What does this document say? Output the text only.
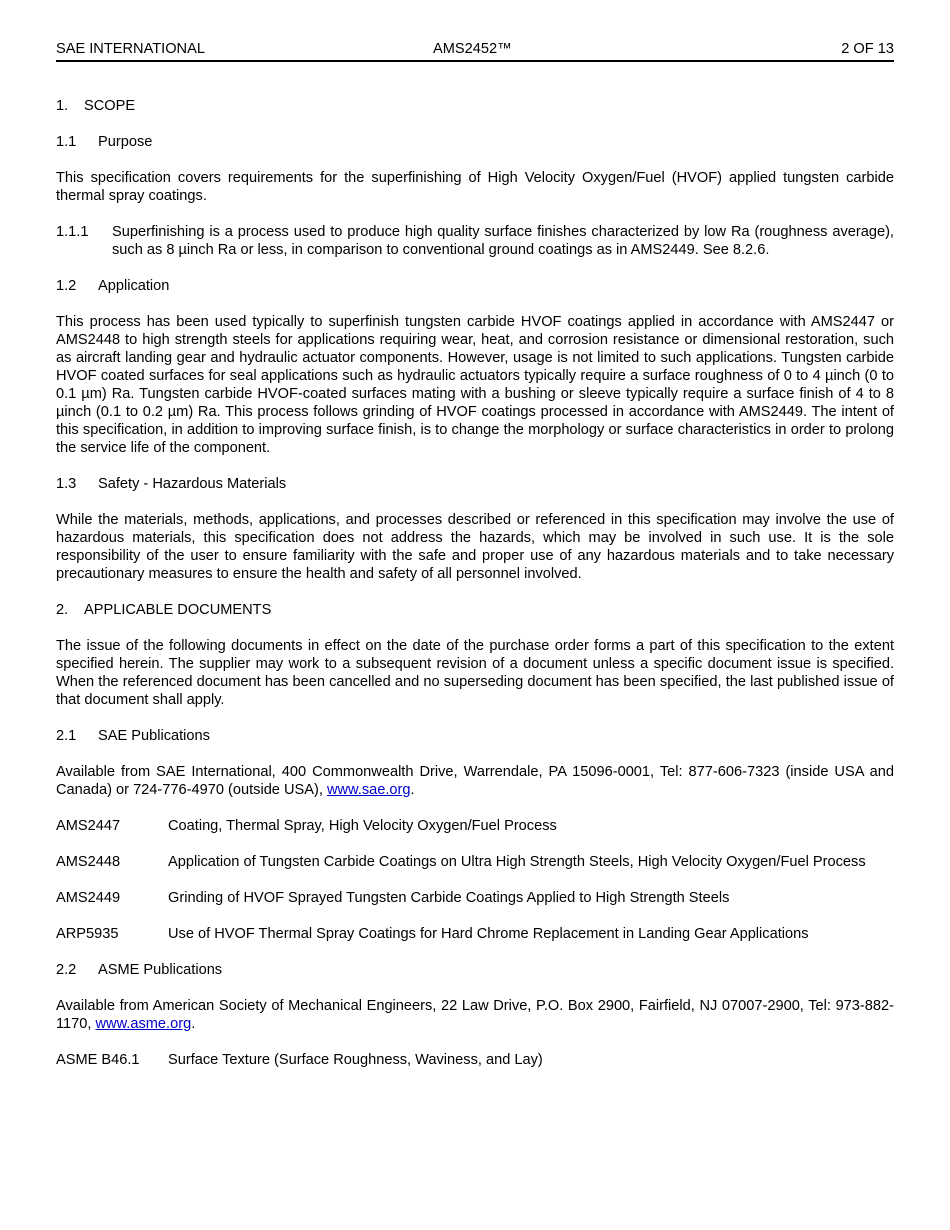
SAE INTERNATIONAL	AMS2452™	2 OF 13
1. SCOPE
1.1 Purpose

This specification covers requirements for the superfinishing of High Velocity Oxygen/Fuel (HVOF) applied tungsten carbide thermal spray coatings.

1.1.1	Superfinishing is a process used to produce high quality surface finishes characterized by low Ra (roughness average), such as 8 µinch Ra or less, in comparison to conventional ground coatings as in AMS2449. See 8.2.6.
1.2 Application

This process has been used typically to superfinish tungsten carbide HVOF coatings applied in accordance with AMS2447 or AMS2448 to high strength steels for applications requiring wear, heat, and corrosion resistance or dimensional restoration, such as aircraft landing gear and hydraulic actuator components. However, usage is not limited to such applications. Tungsten carbide HVOF coated surfaces for seal applications such as hydraulic actuators typically require a surface roughness of 0 to 4 µinch (0 to 0.1 µm) Ra. Tungsten carbide HVOF-coated surfaces mating with a bushing or sleeve typically require a surface finish of 4 to 8 µinch (0.1 to 0.2 µm) Ra. This process follows grinding of HVOF coatings processed in accordance with AMS2449. The intent of this specification, in addition to improving surface finish, is to change the morphology or surface characteristics in order to prolong the service life of the component.

1.3 Safety - Hazardous Materials

While the materials, methods, applications, and processes described or referenced in this specification may involve the use of hazardous materials, this specification does not address the hazards, which may be involved in such use. It is the sole responsibility of the user to ensure familiarity with the safe and proper use of any hazardous materials and to take necessary precautionary measures to ensure the health and safety of all personnel involved.

2. APPLICABLE DOCUMENTS

The issue of the following documents in effect on the date of the purchase order forms a part of this specification to the extent specified herein. The supplier may work to a subsequent revision of a document unless a specific document issue is specified. When the referenced document has been cancelled and no superseding document has been specified, the last published issue of that document shall apply.

2.1 SAE Publications

Available from SAE International, 400 Commonwealth Drive, Warrendale, PA 15096-0001, Tel: 877-606-7323 (inside USA and Canada) or 724-776-4970 (outside USA), www.sae.org.

AMS2447	Coating, Thermal Spray, High Velocity Oxygen/Fuel Process
AMS2448	Application of Tungsten Carbide Coatings on Ultra High Strength Steels, High Velocity Oxygen/Fuel Process
AMS2449	Grinding of HVOF Sprayed Tungsten Carbide Coatings Applied to High Strength Steels
ARP5935	Use of HVOF Thermal Spray Coatings for Hard Chrome Replacement in Landing Gear Applications
2.2 ASME Publications

Available from American Society of Mechanical Engineers, 22 Law Drive, P.O. Box 2900, Fairfield, NJ 07007-2900, Tel: 973-882-1170, www.asme.org.

ASME B46.1	Surface Texture (Surface Roughness, Waviness, and Lay)
